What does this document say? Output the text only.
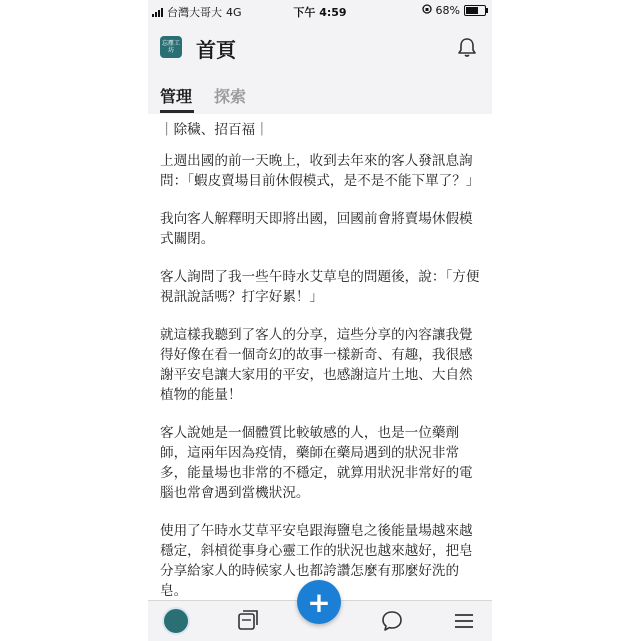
台灣大哥大 4G	下午 4:59	68%
忘塵工坊	首頁
管理 探索

｜除穢、招百福｜

上週出國的前一天晚上，收到去年來的客人發訊息詢問：「蝦皮賣場目前休假模式，是不是不能下單了？」

我向客人解釋明天即將出國，回國前會將賣場休假模式關閉。

客人詢問了我一些午時水艾草皂的問題後，說：「方便視訊說話嗎？打字好累！」

就這樣我聽到了客人的分享，這些分享的內容讓我覺得好像在看一個奇幻的故事一樣新奇、有趣，我很感謝平安皂讓大家用的平安，也感謝這片土地、大自然植物的能量！

客人說她是一個體質比較敏感的人，也是一位藥劑師，這兩年因為疫情，藥師在藥局遇到的狀況非常多，能量場也非常的不穩定，就算用狀況非常好的電腦也常會遇到當機狀況。

使用了午時水艾草平安皂跟海鹽皂之後能量場越來越穩定，斜槓從事身心靈工作的狀況也越來越好，把皂分享給家人的時候家人也都誇讚怎麼有那麼好洗的皂。	+
